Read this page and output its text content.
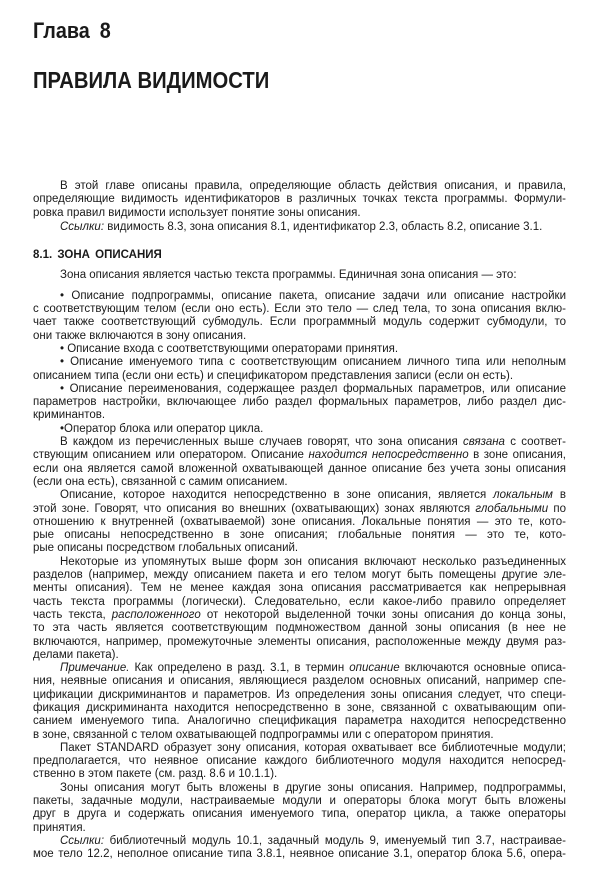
Глава 8
ПРАВИЛА ВИДИМОСТИ
В этой главе описаны правила, определяющие область действия описания, и правила,
определяющие видимость идентификаторов в различных точках текста программы. Формули-
ровка правил видимости использует понятие зоны описания.
Ссылки: видимость 8.3, зона описания 8.1, идентификатор 2.3, область 8.2, описание 3.1.
8.1. ЗОНА ОПИСАНИЯ
Зона описания является частью текста программы. Единичная зона описания — это:
• Описание подпрограммы, описание пакета, описание задачи или описание настройки
с соответствующим телом (если оно есть). Если это тело — след тела, то зона описания вклю-
чает также соответствующий субмодуль. Если программный модуль содержит субмодули, то
они также включаются в зону описания.
• Описание входа с соответствующими операторами принятия.
• Описание именуемого типа с соответствующим описанием личного типа или неполным
описанием типа (если они есть) и спецификатором представления записи (если он есть).
• Описание переименования, содержащее раздел формальных параметров, или описание
параметров настройки, включающее либо раздел формальных параметров, либо раздел дис-
криминантов.
•Оператор блока или оператор цикла.
В каждом из перечисленных выше случаев говорят, что зона описания связана с соответ-
ствующим описанием или оператором. Описание находится непосредственно в зоне описания,
если она является самой вложенной охватывающей данное описание без учета зоны описания
(если она есть), связанной с самим описанием.
Описание, которое находится непосредственно в зоне описания, является локальным в
этой зоне. Говорят, что описания во внешних (охватывающих) зонах являются глобальными по
отношению к внутренней (охватываемой) зоне описания. Локальные понятия — это те, кото-
рые описаны непосредственно в зоне описания; глобальные понятия — это те, кото-
рые описаны посредством глобальных описаний.
Некоторые из упомянутых выше форм зон описания включают несколько разъединенных
разделов (например, между описанием пакета и его телом могут быть помещены другие эле-
менты описания). Тем не менее каждая зона описания рассматривается как непрерывная
часть текста программы (логически). Следовательно, если какое-либо правило определяет
часть текста, расположенного от некоторой выделенной точки зоны описания до конца зоны,
то эта часть является соответствующим подмножеством данной зоны описания (в нее не
включаются, например, промежуточные элементы описания, расположенные между двумя раз-
делами пакета).
Примечание. Как определено в разд. 3.1, в термин описание включаются основные описа-
ния, неявные описания и описания, являющиеся разделом основных описаний, например спе-
цификации дискриминантов и параметров. Из определения зоны описания следует, что специ-
фикация дискриминанта находится непосредственно в зоне, связанной с охватывающим опи-
санием именуемого типа. Аналогично спецификация параметра находится непосредственно
в зоне, связанной с телом охватывающей подпрограммы или с оператором принятия.
Пакет STANDARD образует зону описания, которая охватывает все библиотечные модули;
предполагается, что неявное описание каждого библиотечного модуля находится непосред-
ственно в этом пакете (см. разд. 8.6 и 10.1.1).
Зоны описания могут быть вложены в другие зоны описания. Например, подпрограммы,
пакеты, задачные модули, настраиваемые модули и операторы блока могут быть вложены
друг в друга и содержать описания именуемого типа, оператор цикла, а также операторы
принятия.
Ссылки: библиотечный модуль 10.1, задачный модуль 9, именуемый тип 3.7, настраивае-
мое тело 12.2, неполное описание типа 3.8.1, неявное описание 3.1, оператор блока 5.6, опера-
